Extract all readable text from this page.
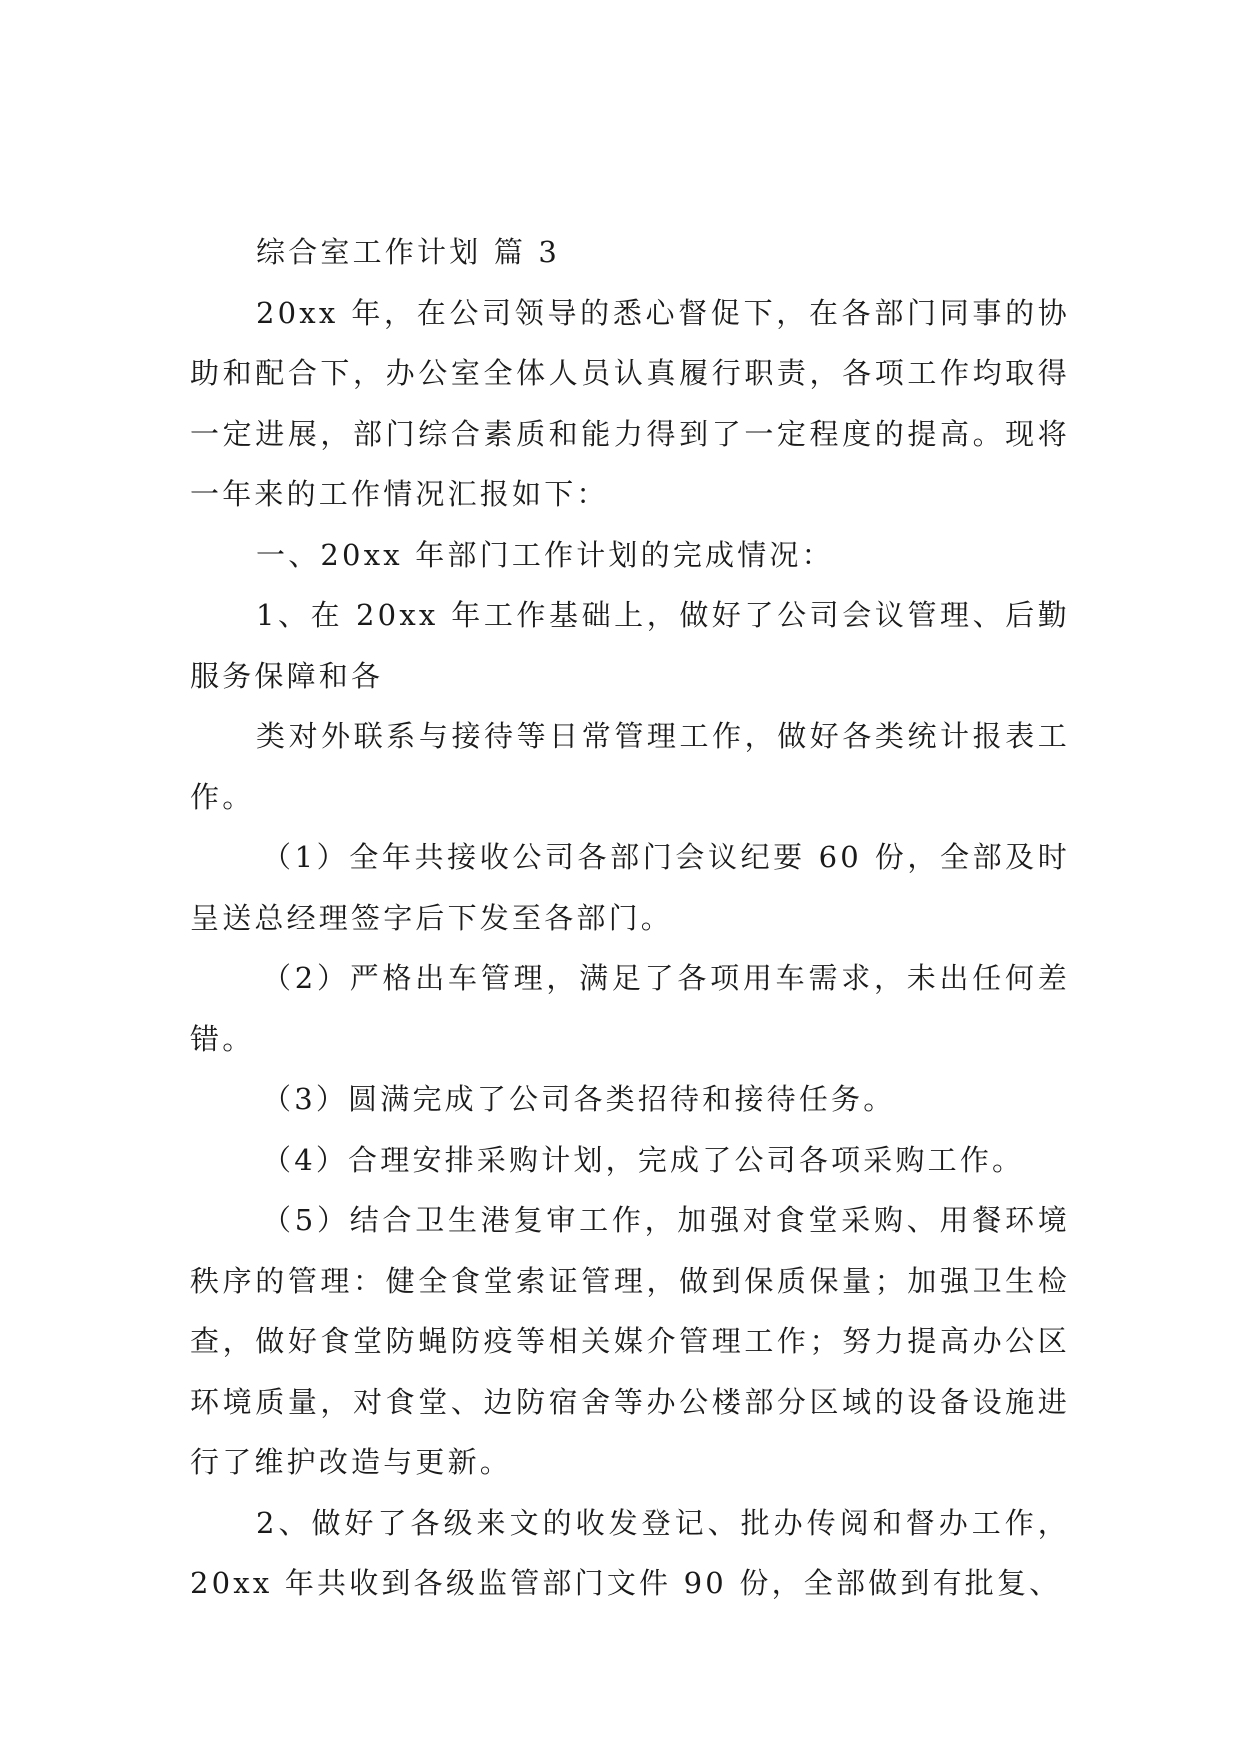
综合室工作计划 篇 3

20xx 年，在公司领导的悉心督促下，在各部门同事的协助和配合下，办公室全体人员认真履行职责，各项工作均取得一定进展，部门综合素质和能力得到了一定程度的提高。现将一年来的工作情况汇报如下：

一、20xx 年部门工作计划的完成情况：

1、在 20xx 年工作基础上，做好了公司会议管理、后勤服务保障和各

类对外联系与接待等日常管理工作，做好各类统计报表工作。

（1）全年共接收公司各部门会议纪要 60 份，全部及时呈送总经理签字后下发至各部门。

（2）严格出车管理，满足了各项用车需求，未出任何差错。

（3）圆满完成了公司各类招待和接待任务。

（4）合理安排采购计划，完成了公司各项采购工作。

（5）结合卫生港复审工作，加强对食堂采购、用餐环境秩序的管理：健全食堂索证管理，做到保质保量；加强卫生检查，做好食堂防蝇防疫等相关媒介管理工作；努力提高办公区环境质量，对食堂、边防宿舍等办公楼部分区域的设备设施进行了维护改造与更新。

2、做好了各级来文的收发登记、批办传阅和督办工作，20xx 年共收到各级监管部门文件 90 份，全部做到有批复、
